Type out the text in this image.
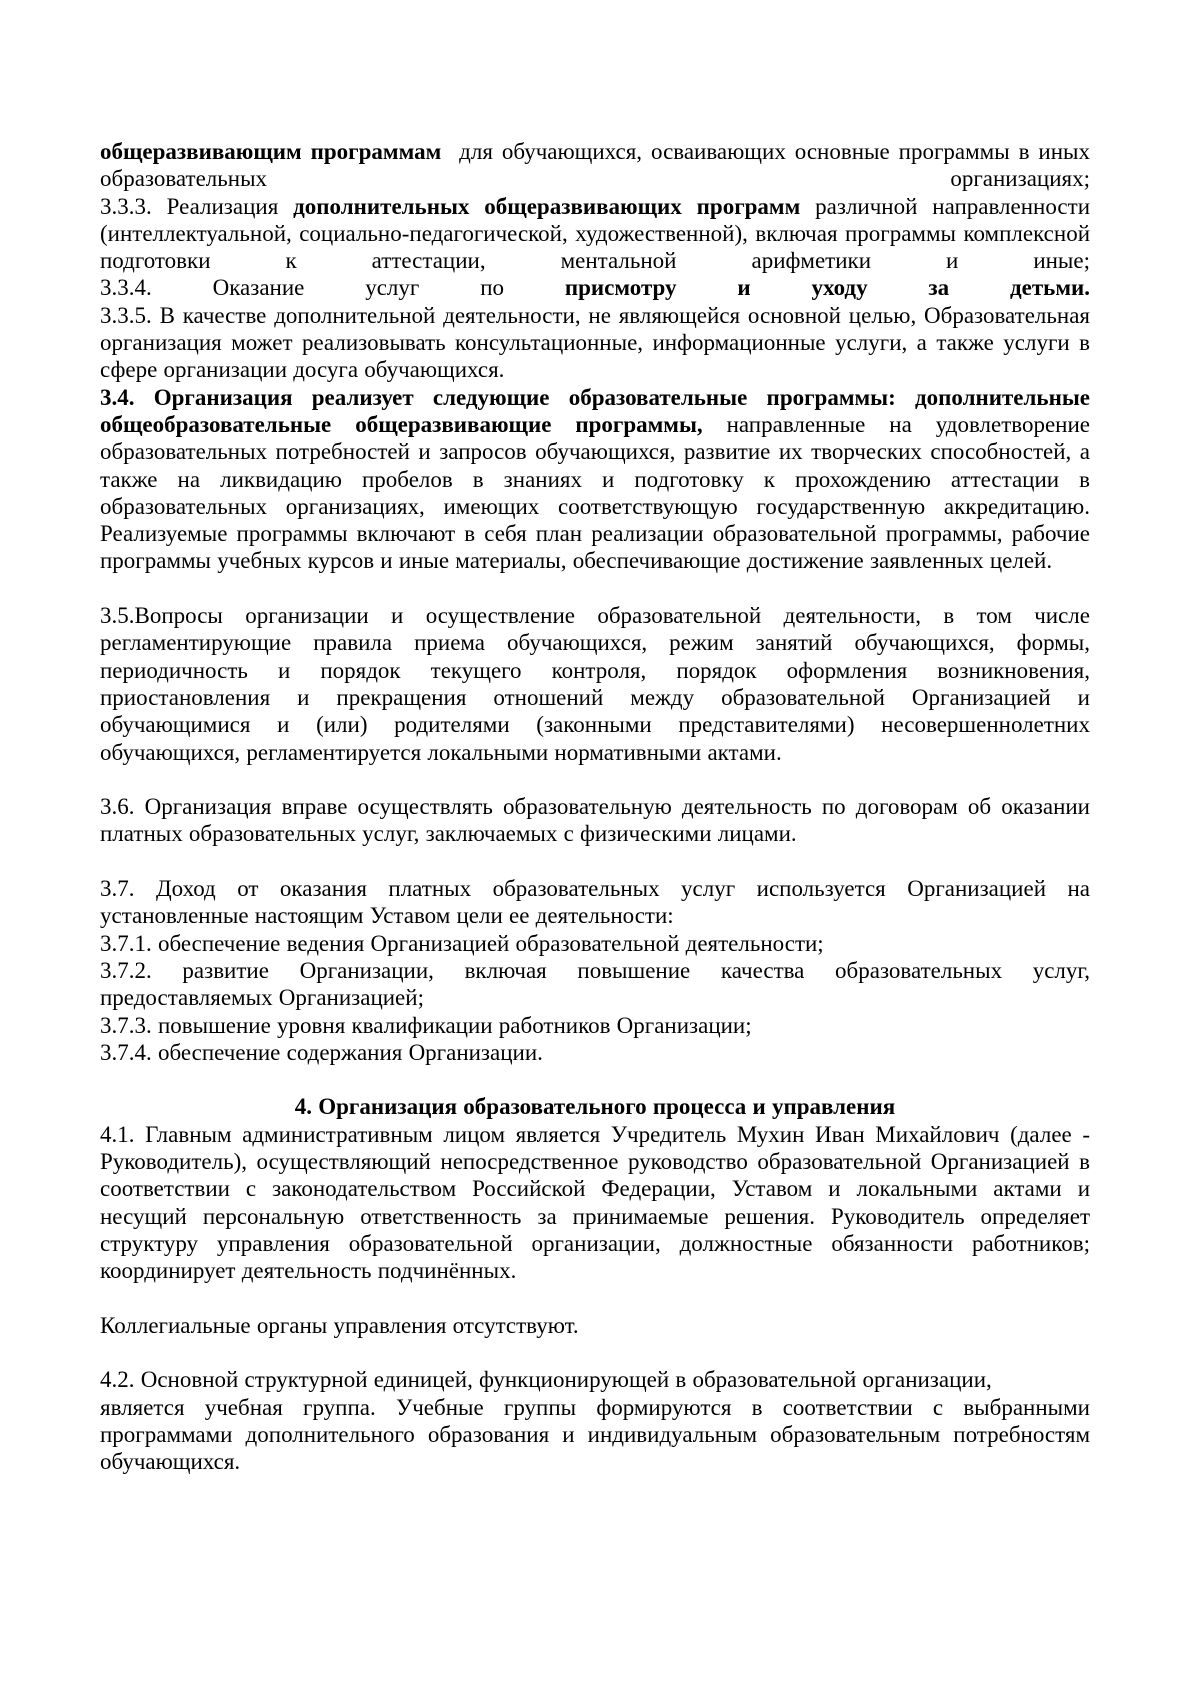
общеразвивающим программам  для обучающихся, осваивающих основные программы в иных образовательных организациях;

3.3.3. Реализация дополнительных общеразвивающих программ различной направленности (интеллектуальной, социально-педагогической, художественной), включая программы комплексной подготовки к аттестации, ментальной арифметики и иные;

3.3.4. Оказание услуг по присмотру и уходу за детьми.

3.3.5. В качестве дополнительной деятельности, не являющейся основной целью, Образовательная организация может реализовывать консультационные, информационные услуги, а также услуги в сфере организации досуга обучающихся.

3.4. Организация реализует следующие образовательные программы: дополнительные общеобразовательные общеразвивающие программы, направленные на удовлетворение образовательных потребностей и запросов обучающихся, развитие их творческих способностей, а также на ликвидацию пробелов в знаниях и подготовку к прохождению аттестации в образовательных организациях, имеющих соответствующую государственную аккредитацию. Реализуемые программы включают в себя план реализации образовательной программы, рабочие программы учебных курсов и иные материалы, обеспечивающие достижение заявленных целей.

3.5.Вопросы организации и осуществление образовательной деятельности, в том числе регламентирующие правила приема обучающихся, режим занятий обучающихся, формы, периодичность и порядок текущего контроля, порядок оформления возникновения, приостановления и прекращения отношений между образовательной Организацией и обучающимися и (или) родителями (законными представителями) несовершеннолетних обучающихся, регламентируется локальными нормативными актами.

3.6. Организация вправе осуществлять образовательную деятельность по договорам об оказании платных образовательных услуг, заключаемых с физическими лицами.

3.7. Доход от оказания платных образовательных услуг используется Организацией на установленные настоящим Уставом цели ее деятельности:

3.7.1. обеспечение ведения Организацией образовательной деятельности;

3.7.2. развитие Организации, включая повышение качества образовательных услуг, предоставляемых Организацией;

3.7.3. повышение уровня квалификации работников Организации;

3.7.4. обеспечение содержания Организации.

4. Организация образовательного процесса и управления

4.1. Главным административным лицом является Учредитель Мухин Иван Михайлович (далее - Руководитель), осуществляющий непосредственное руководство образовательной Организацией в соответствии с законодательством Российской Федерации, Уставом и локальными актами и несущий персональную ответственность за принимаемые решения. Руководитель определяет структуру управления образовательной организации, должностные обязанности работников; координирует деятельность подчинённых.

Коллегиальные органы управления отсутствуют.

4.2. Основной структурной единицей, функционирующей в образовательной организации,
является учебная группа. Учебные группы формируются в соответствии с выбранными программами дополнительного образования и индивидуальным образовательным потребностям обучающихся.
